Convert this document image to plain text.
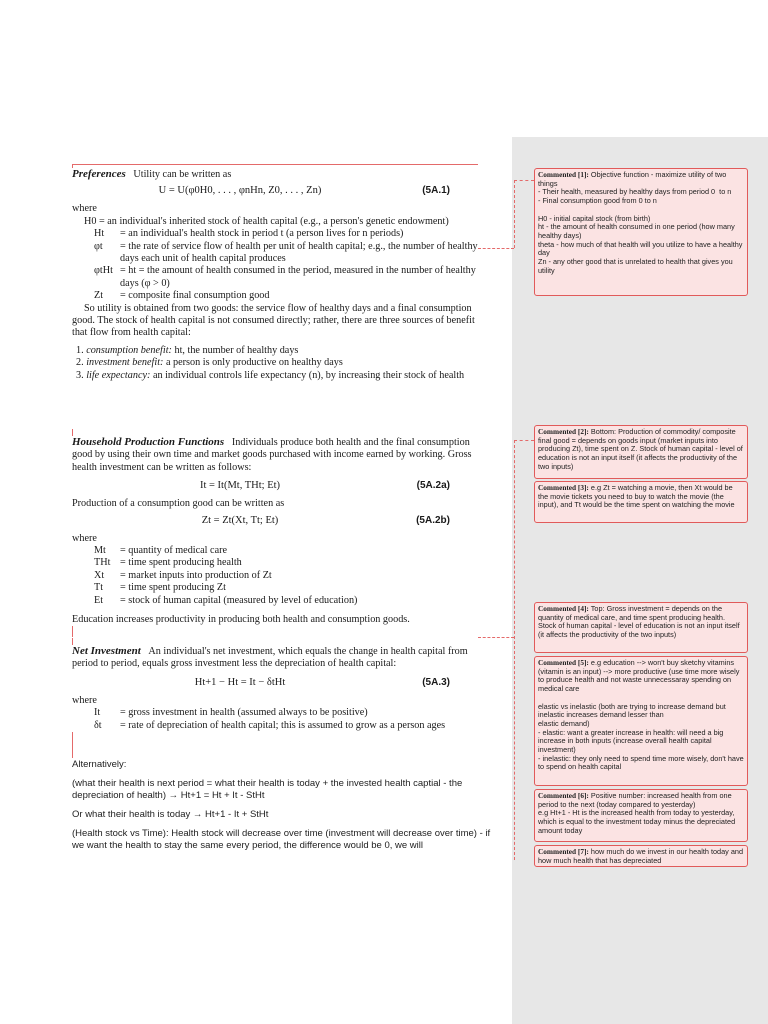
Preferences Utility can be written as

U = U(φ0H0, . . . , φnHn, Z0, . . . , Zn)	(5A.1)

where

H0 = an individual's inherited stock of health capital (e.g., a person's genetic endowment)

Ht	= an individual's health stock in period t (a person lives for n periods)
φt	= the rate of service flow of health per unit of health capital; e.g., the number of healthy days each unit of health capital produces
φtHt = ht = the amount of health consumed in the period, measured in the number of healthy days (φ > 0)
Zt	= composite final consumption good

So utility is obtained from two goods: the service flow of healthy days and a final consumption good. The stock of health capital is not consumed directly; rather, there are three sources of benefit that flow from health capital:

1. consumption benefit: ht, the number of healthy days

2. investment benefit: a person is only productive on healthy days

3. life expectancy: an individual controls life expectancy (n), by increasing their stock of health

Household Production Functions Individuals produce both health and the final consumption good by using their own time and market goods purchased with income earned by working. Gross health investment can be written as follows:

It = It(Mt, THt; Et)	(5A.2a)

Production of a consumption good can be written as

Zt = Zt(Xt, Tt; Et)	(5A.2b)

where

Mt	= quantity of medical care
THt = time spent producing health
Xt	= market inputs into production of Zt
Tt	= time spent producing Zt
Et	= stock of human capital (measured by level of education)

Education increases productivity in producing both health and consumption goods.

Net Investment An individual's net investment, which equals the change in health capital from period to period, equals gross investment less the depreciation of health capital:

Ht+1 − Ht = It − δtHt	(5A.3)

where

It	= gross investment in health (assumed always to be positive)
δt	= rate of depreciation of health capital; this is assumed to grow as a person ages

Alternatively:

(what their health is next period = what their health is today + the invested health captial - the depreciation of health) → Ht+1 = Ht + It - StHt

Or what their health is today → Ht+1 - It + StHt

(Health stock vs Time): Health stock will decrease over time (investment will decrease over time) - if we want the health to stay the same every period, the difference would be 0, we will

Commented [1]: Objective function - maximize utility of two things
- Their health, measured by healthy days from period 0  to n
- Final consumption good from 0 to n

H0 - initial capital stock (from birth)
ht - the amount of health consumed in one period (how many healthy days)
theta - how much of that health will you utilize to have a healthy day
Zn - any other good that is unrelated to health that gives you utility
Commented [2]: Bottom: Production of commodity/ composite final good = depends on goods input (market inputs into producing Zt), time spent on Z. Stock of human capital - level of education is not an input itself (it affects the productivity of the two inputs)
Commented [3]: e.g Zt = watching a movie, then Xt would be the movie tickets you need to buy to watch the movie (the input), and Tt would be the time spent on watching the movie
Commented [4]: Top: Gross investment = depends on the quantity of medical care, and time spent producing health. Stock of human capital - level of education is not an input itself (it affects the productivity of the two inputs)
Commented [5]: e.g education --> won't buy sketchy vitamins (vitamin is an input) --> more productive (use time more wisely to produce health and not waste unnecessaray spending on medical care

elastic vs inelastic (both are trying to increase demand but inelastic increases demand lesser than
elastic demand)
- elastic: want a greater increase in health: will need a big increase in both inputs (increase overall health capital investment)
- inelastic: they only need to spend time more wisely, don't have to spend on health capital
Commented [6]: Positive number: increased health from one period to the next (today compared to yesterday)
e.g Ht+1 - Ht is the increased health from today to yesterday, which is equal to the investment today minus the depreciated amount today
Commented [7]: how much do we invest in our health today and how much health that has depreciated
